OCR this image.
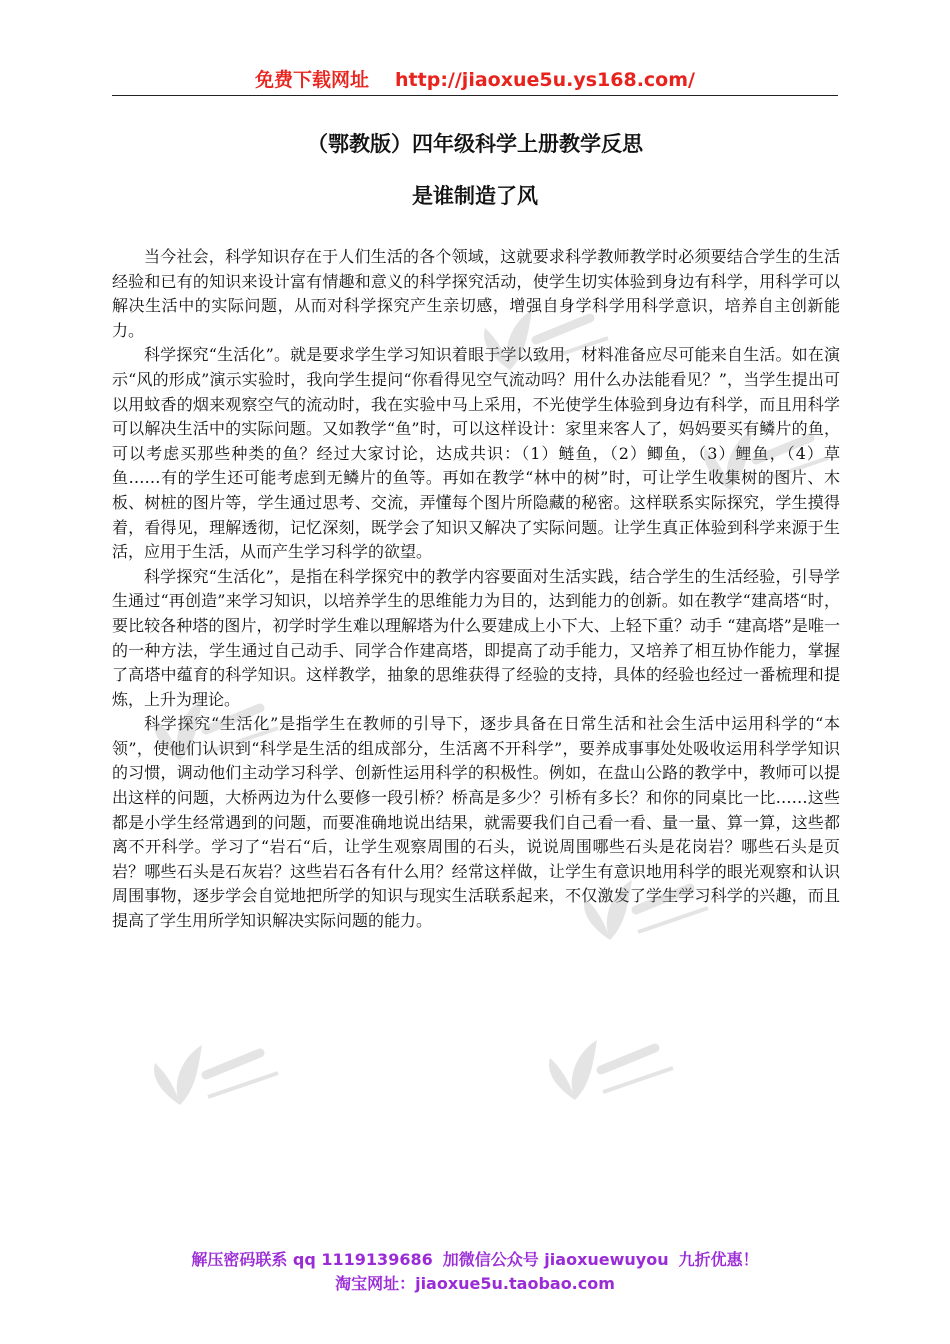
免费下载网址 http://jiaoxue5u.ys168.com/
（鄂教版）四年级科学上册教学反思
是谁制造了风

当今社会，科学知识存在于人们生活的各个领域，这就要求科学教师教学时必须要结合学生的生活经验和已有的知识来设计富有情趣和意义的科学探究活动，使学生切实体验到身边有科学，用科学可以解决生活中的实际问题，从而对科学探究产生亲切感，增强自身学科学用科学意识，培养自主创新能力。

科学探究“生活化”。就是要求学生学习知识着眼于学以致用，材料准备应尽可能来自生活。如在演示“风的形成”演示实验时，我向学生提问“你看得见空气流动吗？用什么办法能看见？”，当学生提出可以用蚊香的烟来观察空气的流动时，我在实验中马上采用，不光使学生体验到身边有科学，而且用科学可以解决生活中的实际问题。又如教学“鱼”时，可以这样设计：家里来客人了，妈妈要买有鳞片的鱼，可以考虑买那些种类的鱼？经过大家讨论，达成共识：（1）鲢鱼，（2）鲫鱼，（3）鲤鱼，（4）草鱼……有的学生还可能考虑到无鳞片的鱼等。再如在教学“林中的树”时，可让学生收集树的图片、木板、树桩的图片等，学生通过思考、交流，弄懂每个图片所隐藏的秘密。这样联系实际探究，学生摸得着，看得见，理解透彻，记忆深刻，既学会了知识又解决了实际问题。让学生真正体验到科学来源于生活，应用于生活，从而产生学习科学的欲望。

科学探究“生活化”，是指在科学探究中的教学内容要面对生活实践，结合学生的生活经验，引导学生通过“再创造”来学习知识，以培养学生的思维能力为目的，达到能力的创新。如在教学“建高塔“时，要比较各种塔的图片，初学时学生难以理解塔为什么要建成上小下大、上轻下重？动手 “建高塔”是唯一的一种方法，学生通过自己动手、同学合作建高塔，即提高了动手能力，又培养了相互协作能力，掌握了高塔中蕴育的科学知识。这样教学，抽象的思维获得了经验的支持，具体的经验也经过一番梳理和提炼，上升为理论。

科学探究“生活化”是指学生在教师的引导下，逐步具备在日常生活和社会生活中运用科学的“本领”，使他们认识到“科学是生活的组成部分，生活离不开科学”，要养成事事处处吸收运用科学学知识的习惯，调动他们主动学习科学、创新性运用科学的积极性。例如，在盘山公路的教学中，教师可以提出这样的问题，大桥两边为什么要修一段引桥？桥高是多少？引桥有多长？和你的同桌比一比……这些都是小学生经常遇到的问题，而要准确地说出结果，就需要我们自己看一看、量一量、算一算，这些都离不开科学。学习了“岩石“后，让学生观察周围的石头，说说周围哪些石头是花岗岩？哪些石头是页岩？哪些石头是石灰岩？这些岩石各有什么用？经常这样做，让学生有意识地用科学的眼光观察和认识周围事物，逐步学会自觉地把所学的知识与现实生活联系起来，不仅激发了学生学习科学的兴趣，而且提高了学生用所学知识解决实际问题的能力。

解压密码联系 qq 1119139686 加微信公众号 jiaoxuewuyou 九折优惠！
淘宝网址：jiaoxue5u.taobao.com
